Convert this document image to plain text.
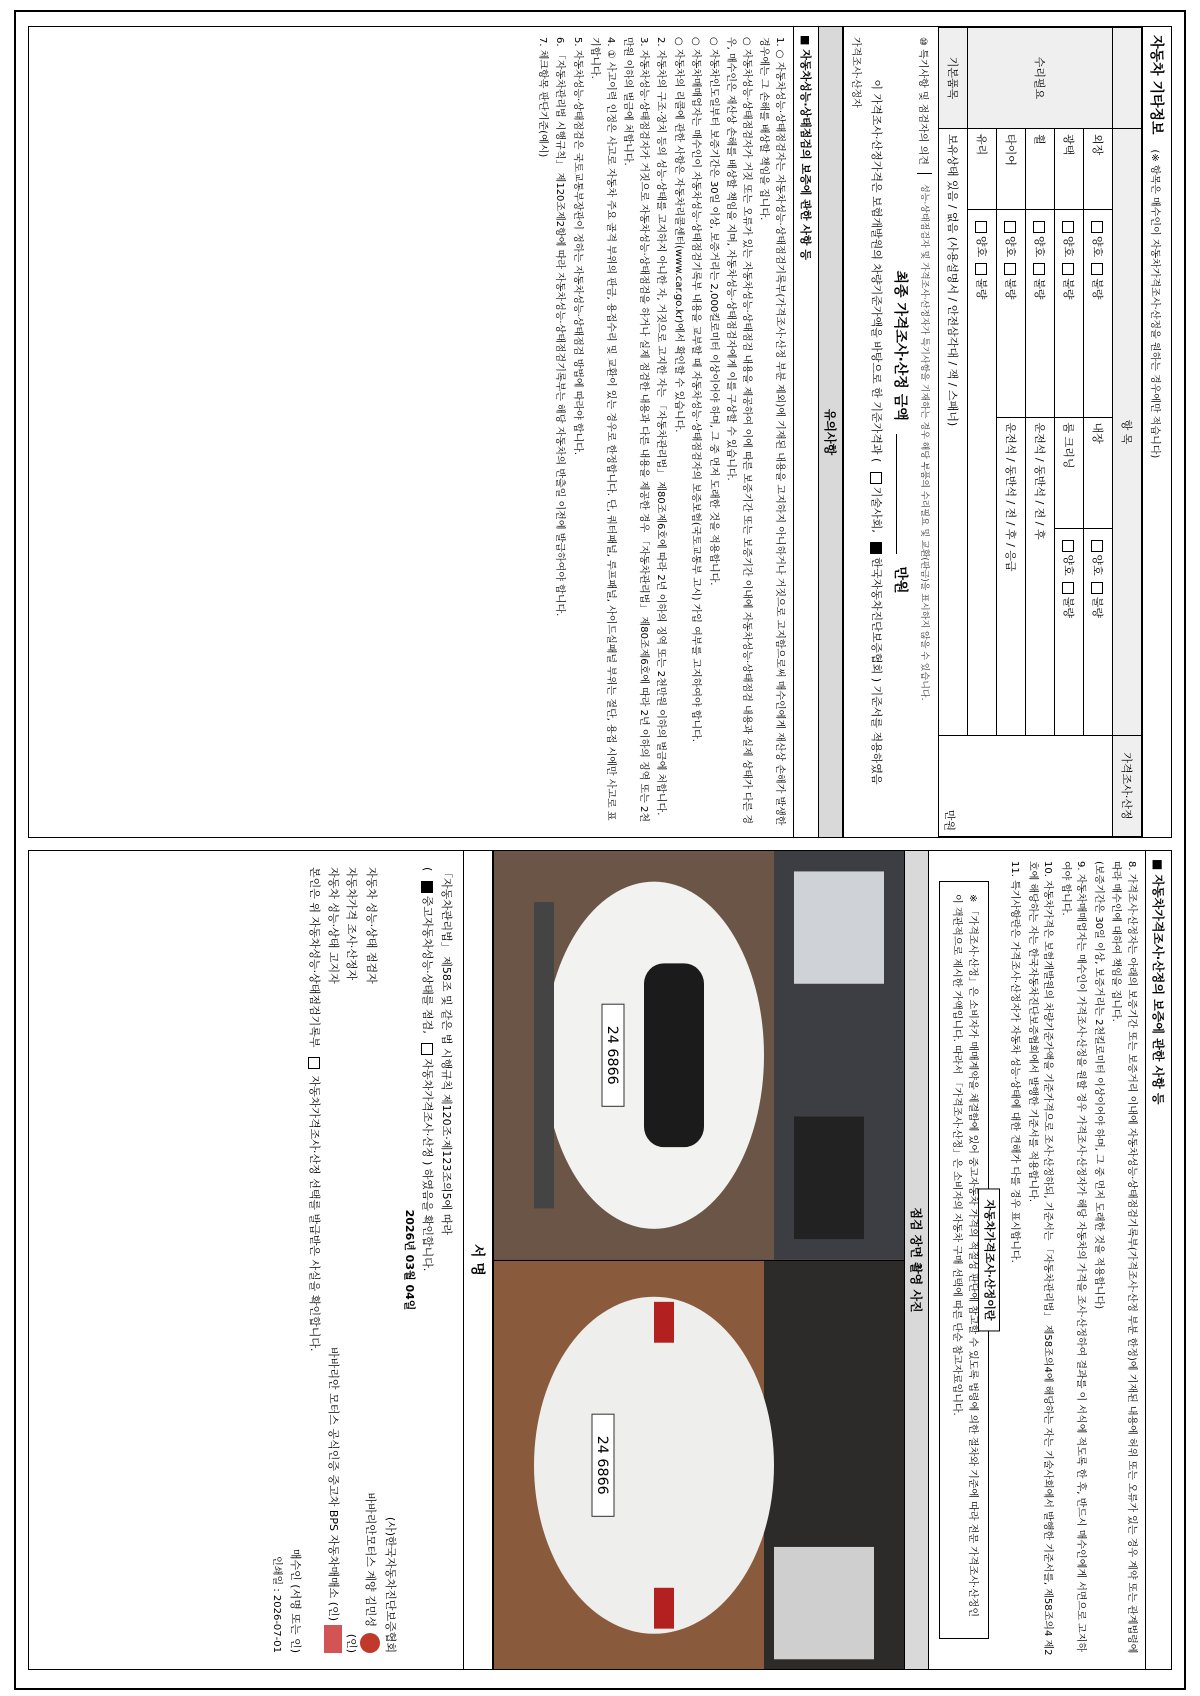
자동차 기타정보 (※ 항목은 매수인이 자동차가격조사·산정을 원하는 경우에만 적습니다)
	항 목				가격조사·산정
수리필요	외장	양호불량	내장	양호불량	만원
	광택	양호불량	룸 크리닝	양호불량	
	휠	양호불량	운전석 / 동반석 / 전 / 후		
	타이어	양호불량	운전석 / 동반석 / 전 / 후 / 응급		
	유리	양호불량			
기본품목	보유상태 있음 / 없음 (사용설명서 / 안전삼각대 / 잭 / 스패너)				
⑩ 특기사항 및 점검자의 의견
성능·상태점검자 및 가격조사·산정자가 특기사항을 기재하는 경우 해당 부품의 수리필요 및 교환(판금)을 표시하지 않을 수 있습니다.
최종 가격조사·산정 금액  만원
이 가격조사·산정가격은 보험개발원의 차량기준가액을 바탕으로 한 기준가격과 ( 기술사회, 한국자동차진단보증협회 ) 기준서를 적용하였음
가격조사·산정자
유의사항
■ 자동차성능·상태점검의 보증에 관한 사항 등

1. ○ 자동차성능·상태점검자는 자동차성능·상태점검기록부(가격조사·산정 부분 제외)에 기재된 내용을 고지하지 아니하거나 거짓으로 고지함으로써 매수인에게 재산상 손해가 발생한 경우에는 그 손해를 배상할 책임을 집니다.

○ 자동차성능·상태점검자가 거짓 또는 오류가 있는 자동차성능·상태점검 내용을 제공하여 이에 따른 보증기간 또는 보증기간 이내에 자동차성능·상태점검 내용과 실제 상태가 다른 경우, 매수인은 재산상 손해를 배상할 책임을 지며, 자동차성능·상태점검자에게 이를 구상할 수 있습니다.

○ 자동차인도일부터 보증기간은 30일 이상, 보증거리는 2,000킬로미터 이상이어야 하며, 그 중 먼저 도래한 것을 적용합니다.

○ 자동차매매업자는 매수인이 자동차성능·상태점검기록부 내용을 교부할 때 자동차성능·상태점검자의 보증보험(국토교통부 고시) 가입 여부를 고지하여야 합니다.

○ 자동차의 리콜에 관한 사항은 자동차리콜센터(www.car.go.kr)에서 확인할 수 있습니다.

2. 자동차의 구조·장치 등의 성능·상태를 고지하지 아니한 자, 거짓으로 고지한 자는 「자동차관리법」 제80조제6호에 따라 2년 이하의 징역 또는 2천만원 이하의 벌금에 처합니다.

3. 자동차성능·상태점검자가 거짓으로 자동차성능·상태점검을 하거나 실제 점검한 내용과 다른 내용을 제공한 경우 「자동차관리법」 제80조제6호에 따라 2년 이하의 징역 또는 2천만원 이하의 벌금에 처합니다.

4. ① 사고이력 인정은 사고로 자동차 주요 골격 부위의 판금, 용접수리 및 교환이 있는 경우로 한정합니다. 단, 쿼터패널, 루프패널, 사이드실패널 부위는 절단, 용접 시에만 사고로 표기합니다.

5. 자동차성능·상태점검은 국토교통부장관이 정하는 자동차성능·상태점검 방법에 따라야 합니다.

6. 「자동차관리법 시행규칙」 제120조제2항에 따라 자동차성능·상태점검기록부는 해당 자동차의 반출일 이전에 발급하여야 합니다.

7. 체크항목 판단기준(예시)

■ 자동차가격조사·산정의 보증에 관한 사항 등

8. 가격조사·산정자는 아래의 보증기간 또는 보증거리 이내에 자동차성능·상태점검기록부(가격조사·산정 부분 한정)에 기재된 내용에 허위 또는 오류가 있는 경우 계약 또는 관계법령에 따라 매수인에 대하여 책임을 집니다.

(보증기간은 30일 이상, 보증거리는 2천킬로미터 이상이어야 하며, 그 중 먼저 도래한 것을 적용합니다)

9. 자동차매매업자는 매수인이 가격조사·산정을 원할 경우 가격조사·산정자가 해당 자동차의 가격을 조사·산정하여 결과를 이 서식에 적도록 한 후, 반드시 매수인에게 서면으로 고지하여야 합니다.

10. 자동차가격은 보험개발원의 차량기준가액을 기준가격으로 조사·산정하되, 기준서는 「자동차관리법」 제58조의4에 해당하는 자는 기술사회에서 발행한 기준서를, 제58조의4 제2호에 해당하는 자는 한국자동차진단보증협회에서 발행한 기준서를 적용합니다.

11. 특기사항란은 가격조사·산정자가 자동차 성능·상태에 대한 견해가 다를 경우 표시합니다.

자동차가격조사·산정이란
※ 「가격조사·산정」은 소비자가 매매계약을 체결함에 있어 중고자동차 가격의 적절성 판단에 참고할 수 있도록 법령에 의한 절차와 기준에 따라 전문 가격조사·산정인이 객관적으로 제시한 가액입니다. 따라서 「가격조사·산정」은 소비자의 자동차 구매 선택에 따른 단순 참고자료입니다.
점검 장면 촬영 사진
24 6866
24 6866
서 명
「자동차관리법」 제58조 및 같은 법 시행규칙 제120조·제123조의5에 따라
( 중고자동차성능·상태를 점검, 자동차가격조사·산정 ) 하였음을 확인합니다.
2026년 03월 04일
(사)한국자동차진단보증협회
자동차 성능·상태 점검자
바바리안모터스 계양 김민성
자동차가격 조사·산정자
(인)
자동차 성능·상태 고지자
바바리안 모터스 공식인증 중고차 BPS 자동차매매소 (인)
본인은 위 자동차성능·상태점검기록부  자동차가격조사·산정 선택를 발급받은 사실을 확인합니다.
매수인 (서명 또는 인)
인쇄일 : 2026-07-01
